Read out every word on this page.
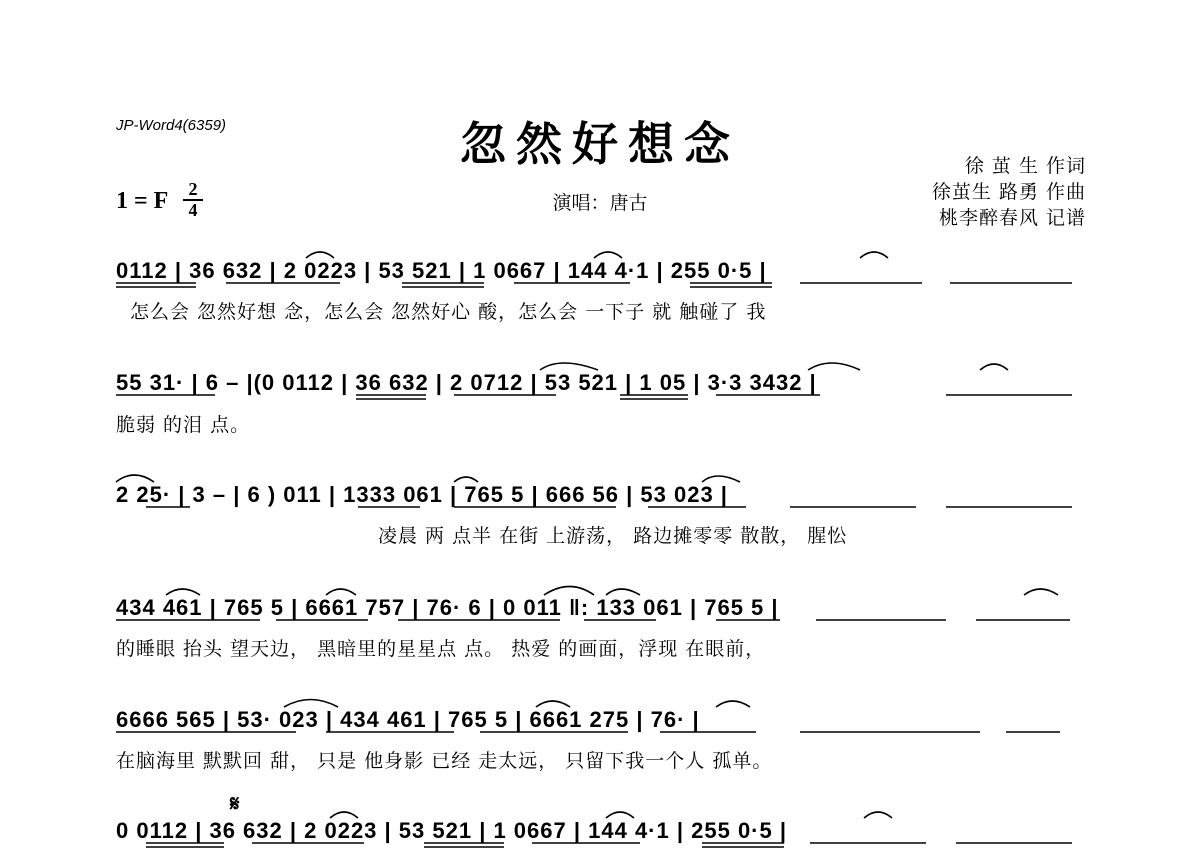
JP-Word4(6359)	忽然好想念
演唱：唐古
徐 茧 生 作词
徐茧生 路勇 作曲
桃李醉春风 记谱
1 = F	2
4
0112 | 36 632 | 2 0223 | 53 521 | 1 0667 | 144 4·1 | 255 0·5 |
怎么会 忽然好想 念，怎么会 忽然好心 酸，怎么会 一下子 就 触碰了 我
55 31· | 6 – |(0 0112 | 36 632 | 2 0712 | 53 521 | 1 05 | 3·3 3432 |
脆弱 的泪 点。
2 25· | 3 – | 6 ) 011 | 1333 061 | 765 5 | 666 56 | 53 023 |
凌晨 两 点半 在街 上游荡， 路边摊零零 散散， 腥忪
434 461 | 765 5 | 6661 757 | 76· 6 | 0 011 ‖: 133 061 | 765 5 |
的睡眼 抬头 望天边， 黑暗里的星星点 点。 热爱 的画面，浮现 在眼前，
6666 565 | 53· 023 | 434 461 | 765 5 | 6661 275 | 76· |
在脑海里 默默回 甜， 只是 他身影 已经 走太远， 只留下我一个人 孤单。
0 0112 | 36 632 | 2 0223 | 53 521 | 1 0667 | 144 4·1 | 255 0·5 |
𝄋
